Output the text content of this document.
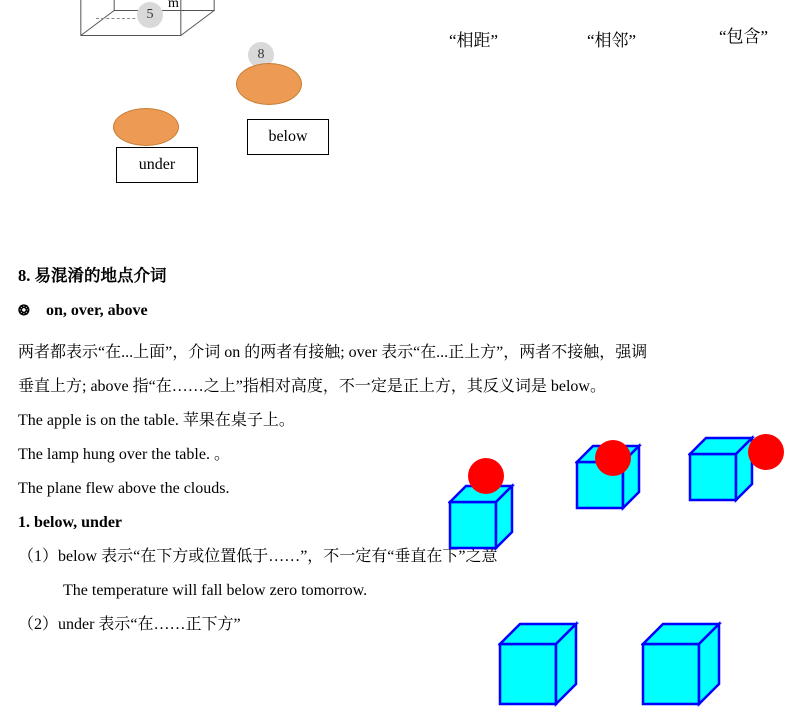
5
8
m
below
under
“相距”	“相邻”	“包含”

8. 易混淆的地点介词

❂ on, over, above

两者都表示“在...上面”，介词 on 的两者有接触; over 表示“在...正上方”，两者不接触，强调

垂直上方; above 指“在……之上”指相对高度，不一定是正上方，其反义词是 below。

The apple is on the table. 苹果在桌子上。

The lamp hung over the table. 。

The plane flew above the clouds.

1. below, under

（1）below 表示“在下方或位置低于……”，不一定有“垂直在下”之意

The temperature will fall below zero tomorrow.

（2）under 表示“在……正下方”
